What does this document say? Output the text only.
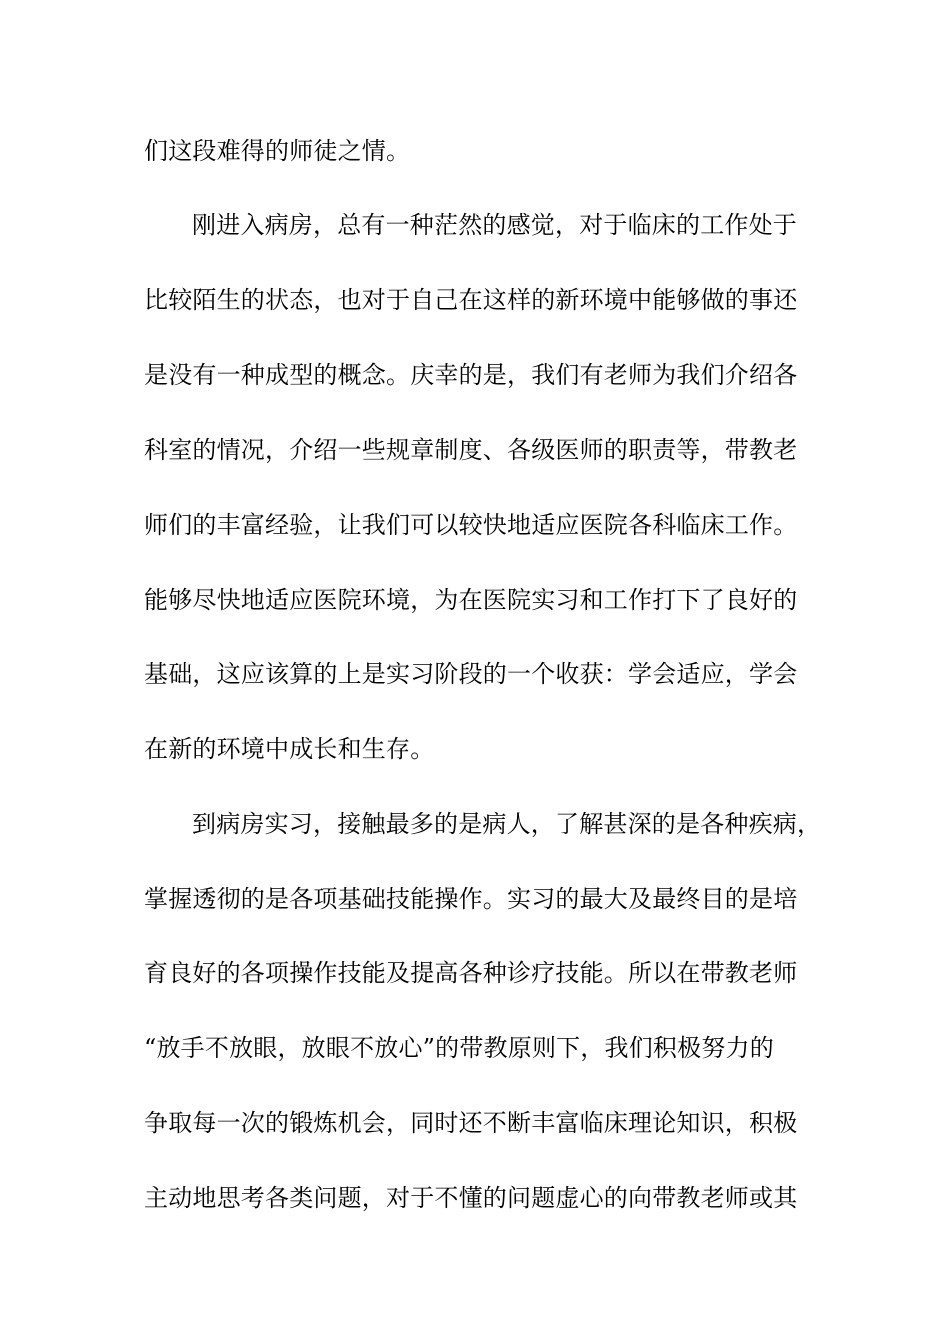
们这段难得的师徒之情。
刚进入病房，总有一种茫然的感觉，对于临床的工作处于
比较陌生的状态，也对于自己在这样的新环境中能够做的事还
是没有一种成型的概念。庆幸的是，我们有老师为我们介绍各
科室的情况，介绍一些规章制度、各级医师的职责等，带教老
师们的丰富经验，让我们可以较快地适应医院各科临床工作。
能够尽快地适应医院环境，为在医院实习和工作打下了良好的
基础，这应该算的上是实习阶段的一个收获：学会适应，学会
在新的环境中成长和生存。
到病房实习，接触最多的是病人，了解甚深的是各种疾病，
掌握透彻的是各项基础技能操作。实习的最大及最终目的是培
育良好的各项操作技能及提高各种诊疗技能。所以在带教老师
“放手不放眼，放眼不放心”的带教原则下，我们积极努力的
争取每一次的锻炼机会，同时还不断丰富临床理论知识，积极
主动地思考各类问题，对于不懂的问题虚心的向带教老师或其
